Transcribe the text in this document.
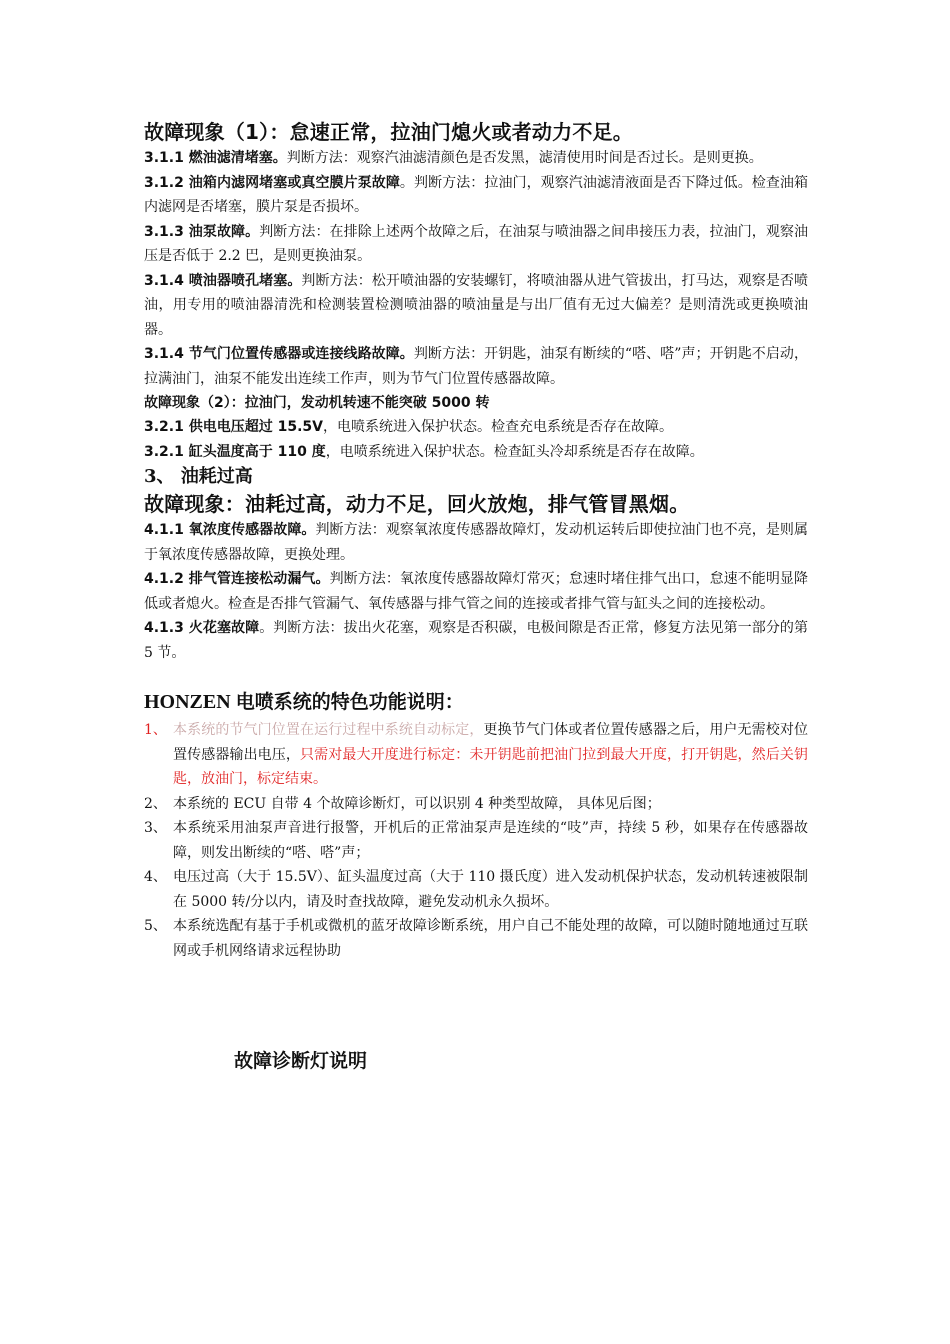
故障现象（1）：怠速正常，拉油门熄火或者动力不足。

3.1.1 燃油滤清堵塞。判断方法：观察汽油滤清颜色是否发黑，滤清使用时间是否过长。是则更换。

3.1.2 油箱内滤网堵塞或真空膜片泵故障。判断方法：拉油门，观察汽油滤清液面是否下降过低。检查油箱内滤网是否堵塞，膜片泵是否损坏。

3.1.3 油泵故障。判断方法：在排除上述两个故障之后，在油泵与喷油器之间串接压力表，拉油门，观察油压是否低于 2.2 巴，是则更换油泵。

3.1.4 喷油器喷孔堵塞。判断方法：松开喷油器的安装螺钉，将喷油器从进气管拔出，打马达，观察是否喷油，用专用的喷油器清洗和检测装置检测喷油器的喷油量是与出厂值有无过大偏差？是则清洗或更换喷油器。

3.1.4 节气门位置传感器或连接线路故障。判断方法：开钥匙，油泵有断续的“嗒、嗒”声；开钥匙不启动，拉满油门，油泵不能发出连续工作声，则为节气门位置传感器故障。

故障现象（2）：拉油门，发动机转速不能突破 5000 转

3.2.1 供电电压超过 15.5V，电喷系统进入保护状态。检查充电系统是否存在故障。

3.2.1 缸头温度高于 110 度，电喷系统进入保护状态。检查缸头冷却系统是否存在故障。

3、 油耗过高
故障现象：油耗过高，动力不足，回火放炮，排气管冒黑烟。

4.1.1 氧浓度传感器故障。判断方法：观察氧浓度传感器故障灯，发动机运转后即使拉油门也不亮，是则属于氧浓度传感器故障，更换处理。

4.1.2 排气管连接松动漏气。判断方法：氧浓度传感器故障灯常灭；怠速时堵住排气出口，怠速不能明显降低或者熄火。检查是否排气管漏气、氧传感器与排气管之间的连接或者排气管与缸头之间的连接松动。

4.1.3 火花塞故障。判断方法：拔出火花塞，观察是否积碳，电极间隙是否正常，修复方法见第一部分的第 5 节。

HONZEN 电喷系统的特色功能说明：
1、 本系统的节气门位置在运行过程中系统自动标定，更换节气门体或者位置传感器之后，用户无需校对位置传感器输出电压，只需对最大开度进行标定：未开钥匙前把油门拉到最大开度，打开钥匙，然后关钥匙，放油门，标定结束。
2、 本系统的 ECU 自带 4 个故障诊断灯，可以识别 4 种类型故障， 具体见后图；
3、 本系统采用油泵声音进行报警，开机后的正常油泵声是连续的“吱”声，持续 5 秒，如果存在传感器故障，则发出断续的“嗒、嗒”声；
4、 电压过高（大于 15.5V）、缸头温度过高（大于 110 摄氏度）进入发动机保护状态，发动机转速被限制在 5000 转/分以内，请及时查找故障，避免发动机永久损坏。
5、 本系统选配有基于手机或微机的蓝牙故障诊断系统，用户自己不能处理的故障，可以随时随地通过互联网或手机网络请求远程协助
故障诊断灯说明
